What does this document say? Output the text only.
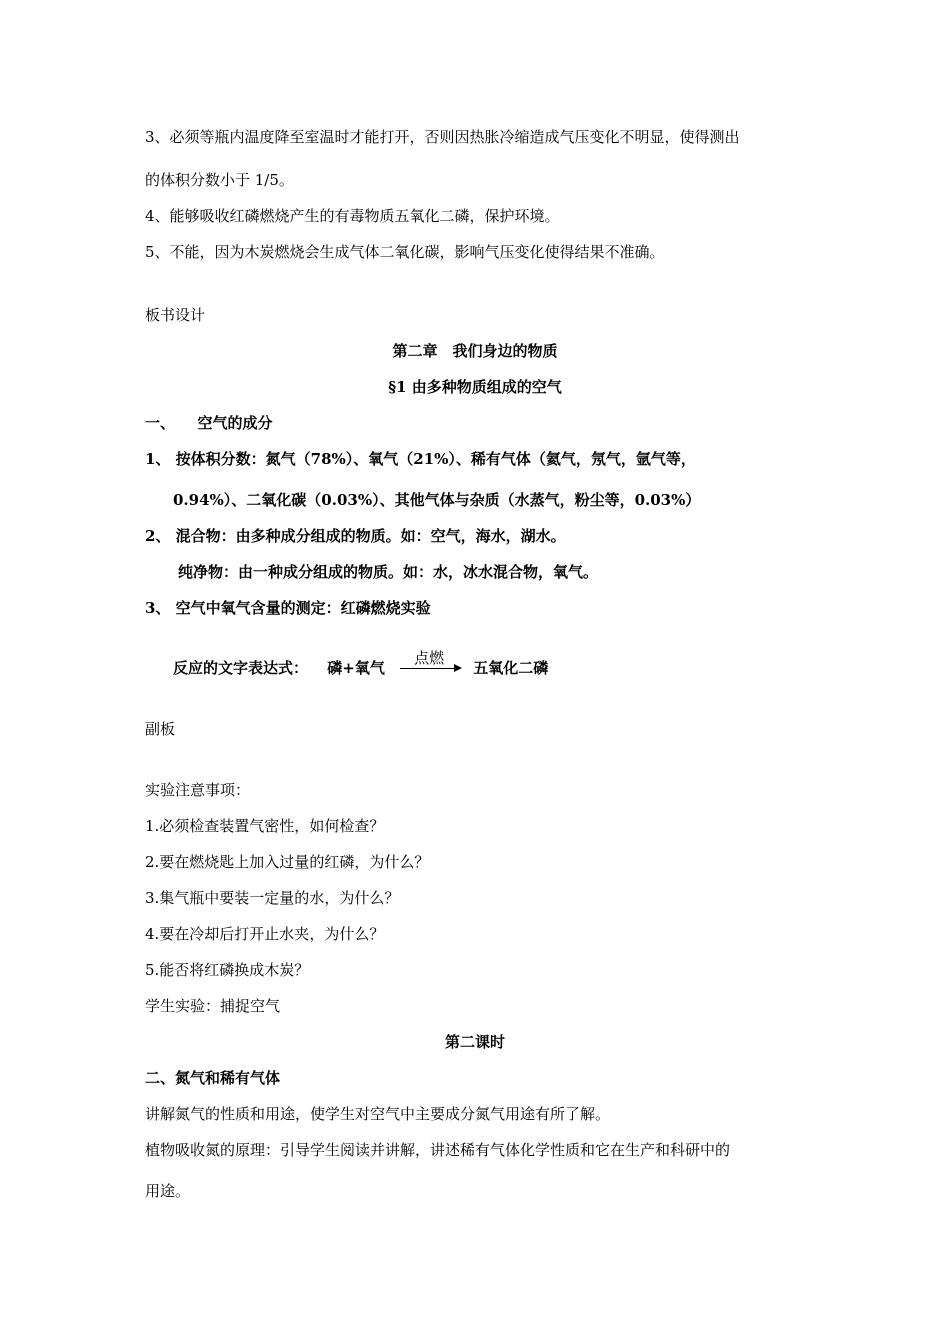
3、必须等瓶内温度降至室温时才能打开，否则因热胀冷缩造成气压变化不明显，使得测出
的体积分数小于 1/5。
4、能够吸收红磷燃烧产生的有毒物质五氧化二磷，保护环境。
5、不能，因为木炭燃烧会生成气体二氧化碳，影响气压变化使得结果不准确。
板书设计
第二章　我们身边的物质
§1 由多种物质组成的空气
一、　　空气的成分
1、 按体积分数：氮气（78%）、氧气（21%）、稀有气体（氦气，氖气，氩气等，
0.94%）、二氧化碳（0.03%）、其他气体与杂质（水蒸气，粉尘等，0.03%）
2、 混合物：由多种成分组成的物质。如：空气，海水，湖水。
纯净物：由一种成分组成的物质。如：水，冰水混合物，氧气。
3、 空气中氧气含量的测定：红磷燃烧实验
反应的文字表达式： 磷+氧气
点燃
五氧化二磷
副板
实验注意事项：
1.必须检查装置气密性，如何检查？
2.要在燃烧匙上加入过量的红磷，为什么？
3.集气瓶中要装一定量的水，为什么？
4.要在冷却后打开止水夹，为什么？
5.能否将红磷换成木炭？
学生实验：捕捉空气
第二课时
二、氮气和稀有气体
讲解氮气的性质和用途，使学生对空气中主要成分氮气用途有所了解。
植物吸收氮的原理：引导学生阅读并讲解，讲述稀有气体化学性质和它在生产和科研中的
用途。
